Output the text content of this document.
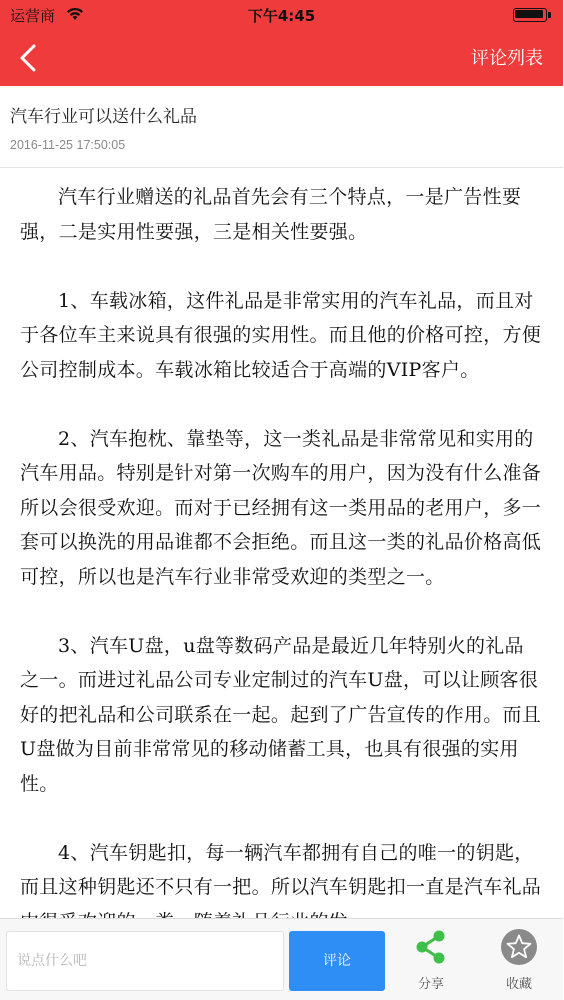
运营商	下午4:45
评论列表
汽车行业可以送什么礼品
2016-11-25 17:50:05

汽车行业赠送的礼品首先会有三个特点，一是广告性要强，二是实用性要强，三是相关性要强。

1、车载冰箱，这件礼品是非常实用的汽车礼品，而且对于各位车主来说具有很强的实用性。而且他的价格可控，方便公司控制成本。车载冰箱比较适合于高端的VIP客户。

2、汽车抱枕、靠垫等，这一类礼品是非常常见和实用的汽车用品。特别是针对第一次购车的用户，因为没有什么准备所以会很受欢迎。而对于已经拥有这一类用品的老用户，多一套可以换洗的用品谁都不会拒绝。而且这一类的礼品价格高低可控，所以也是汽车行业非常受欢迎的类型之一。

3、汽车U盘，u盘等数码产品是最近几年特别火的礼品之一。而进过礼品公司专业定制过的汽车U盘，可以让顾客很好的把礼品和公司联系在一起。起到了广告宣传的作用。而且U盘做为目前非常常见的移动储蓄工具，也具有很强的实用性。

4、汽车钥匙扣，每一辆汽车都拥有自己的唯一的钥匙，而且这种钥匙还不只有一把。所以汽车钥匙扣一直是汽车礼品

说点什么吧	评论
分享	收藏
